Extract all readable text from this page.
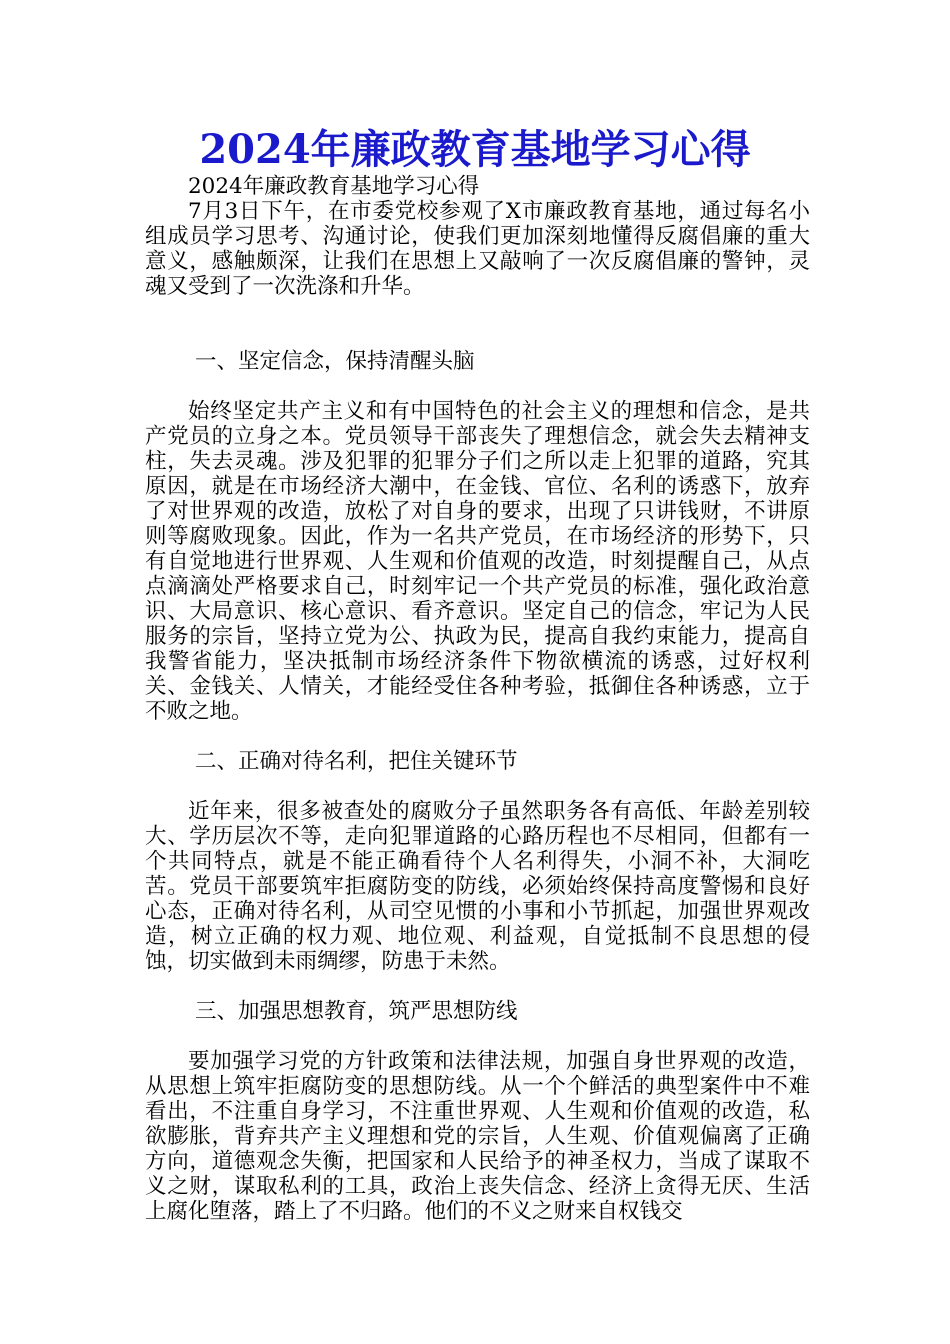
2024年廉政教育基地学习心得

2024年廉政教育基地学习心得

7月3日下午，在市委党校参观了X市廉政教育基地，通过每名小组成员学习思考、沟通讨论，使我们更加深刻地懂得反腐倡廉的重大意义，感触颇深，让我们在思想上又敲响了一次反腐倡廉的警钟，灵魂又受到了一次洗涤和升华。

一、坚定信念，保持清醒头脑

始终坚定共产主义和有中国特色的社会主义的理想和信念，是共产党员的立身之本。党员领导干部丧失了理想信念，就会失去精神支柱，失去灵魂。涉及犯罪的犯罪分子们之所以走上犯罪的道路，究其原因，就是在市场经济大潮中，在金钱、官位、名利的诱惑下，放弃了对世界观的改造，放松了对自身的要求，出现了只讲钱财，不讲原则等腐败现象。因此，作为一名共产党员，在市场经济的形势下，只有自觉地进行世界观、人生观和价值观的改造，时刻提醒自己，从点点滴滴处严格要求自己，时刻牢记一个共产党员的标准，强化政治意识、大局意识、核心意识、看齐意识。坚定自己的信念，牢记为人民服务的宗旨，坚持立党为公、执政为民，提高自我约束能力，提高自我警省能力，坚决抵制市场经济条件下物欲横流的诱惑，过好权利关、金钱关、人情关，才能经受住各种考验，抵御住各种诱惑，立于不败之地。

二、正确对待名利，把住关键环节

近年来，很多被查处的腐败分子虽然职务各有高低、年龄差别较大、学历层次不等，走向犯罪道路的心路历程也不尽相同，但都有一个共同特点，就是不能正确看待个人名利得失，小洞不补，大洞吃苦。党员干部要筑牢拒腐防变的防线，必须始终保持高度警惕和良好心态，正确对待名利，从司空见惯的小事和小节抓起，加强世界观改造，树立正确的权力观、地位观、利益观，自觉抵制不良思想的侵蚀，切实做到未雨绸缪，防患于未然。

三、加强思想教育，筑严思想防线

要加强学习党的方针政策和法律法规，加强自身世界观的改造，从思想上筑牢拒腐防变的思想防线。从一个个鲜活的典型案件中不难看出，不注重自身学习，不注重世界观、人生观和价值观的改造，私欲膨胀，背弃共产主义理想和党的宗旨，人生观、价值观偏离了正确方向，道德观念失衡，把国家和人民给予的神圣权力，当成了谋取不义之财，谋取私利的工具，政治上丧失信念、经济上贪得无厌、生活上腐化堕落，踏上了不归路。他们的不义之财来自权钱交
